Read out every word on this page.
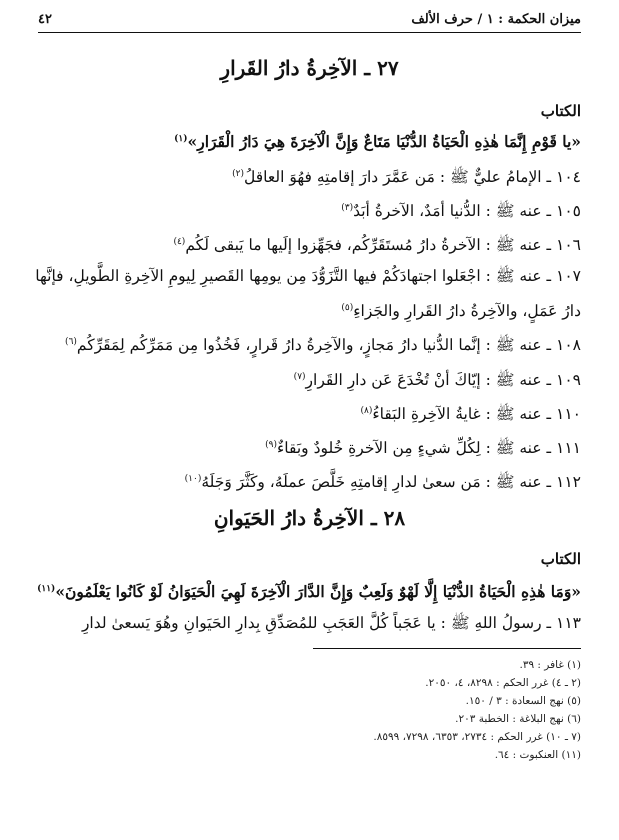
ميزان الحكمة : ١ / حرف الألف
٤٢
٢٧ ـ الآخِرةُ دارُ القَرارِ
الكتاب
«يا قَوْمِ إِنَّمَا هٰذِهِ الْحَيَاةُ الدُّنْيَا مَتَاعٌ وَإِنَّ الْآخِرَةَ هِيَ دَارُ الْقَرَارِ»$^{(١)}$
١٠٤ ـ الإمامُ عليٌّ ﷺ : مَن عَمَّرَ دارَ إقامتِهِ فهُوَ العاقلُ$^{(٢)}$
١٠٥ ـ عنه ﷺ : الدُّنيا أمَدٌ، الآخرةُ أبَدٌ$^{(٣)}$
١٠٦ ـ عنه ﷺ : الآخرةُ دارُ مُستَقَرِّكُم، فجَهِّزوا إلَيها ما يَبقى لَكُم$^{(٤)}$
١٠٧ ـ عنه ﷺ : اجْعَلوا اجتهادَكُمْ فيها التَّزَوُّدَ مِن يومِها القَصيرِ لِيومِ الآخِرةِ الطَّويلِ، فإنَّها
دارُ عَمَلٍ، والآخِرةُ دارُ القَرارِ والجَزاءِ$^{(٥)}$
١٠٨ ـ عنه ﷺ : إنَّما الدُّنيا دارُ مَجازٍ، والآخِرةُ دارُ قَرارٍ، فَخُذُوا مِن مَمَرِّكُم لِمَقَرِّكُم$^{(٦)}$
١٠٩ ـ عنه ﷺ : إيّاكَ أنْ تُخْدَعَ عَن دارِ القَرارِ$^{(٧)}$
١١٠ ـ عنه ﷺ : غايةُ الآخِرةِ البَقاءُ$^{(٨)}$
١١١ ـ عنه ﷺ : لِكُلِّ شيءٍ مِن الآخرةِ خُلودٌ وبَقاءٌ$^{(٩)}$
١١٢ ـ عنه ﷺ : مَن سعىٰ لدارِ إقامتِهِ خَلَّصَ عملَهُ، وكَثَّرَ وَجَلَهُ$^{(١٠)}$
٢٨ ـ الآخِرةُ دارُ الحَيَوانِ
الكتاب
«وَمَا هٰذِهِ الْحَيَاةُ الدُّنْيَا إِلَّا لَهْوٌ وَلَعِبٌ وَإِنَّ الدَّارَ الْآخِرَةَ لَهِيَ الْحَيَوَانُ لَوْ كَانُوا يَعْلَمُونَ»$^{(١١)}$
١١٣ ـ رسولُ اللهِ ﷺ : يا عَجَباً كُلَّ العَجَبِ للمُصَدِّقِ بِدارِ الحَيَوانِ وهُوَ يَسعىٰ لدارِ
(١) غافر : ٣٩.
(٢ ـ ٤) غرر الحكم : ٨٢٩٨، ٤، ٢٠٥٠.
(٥) نهج السعادة : ٣ / ١٥٠.
(٦) نهج البلاغة : الخطبة ٢٠٣.
(٧ ـ ١٠) غرر الحكم : ٢٧٣٤، ٦٣٥٣، ٧٢٩٨، ٨٥٩٩.
(١١) العنكبوت : ٦٤.
